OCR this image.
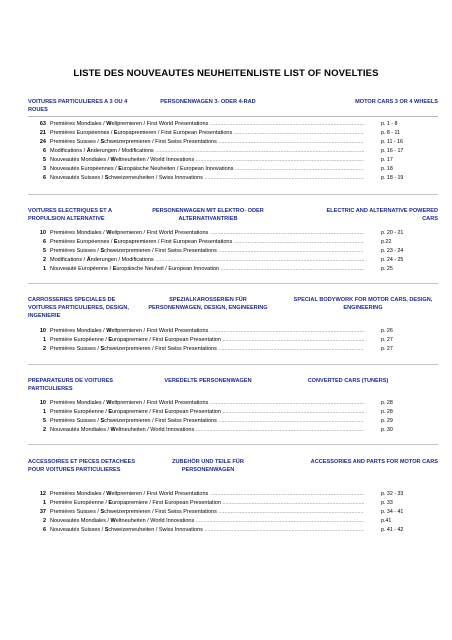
LISTE DES NOUVEAUTES NEUHEITENLISTE LIST OF NOVELTIES
VOITURES PARTICULIERES A 3 OU 4 ROUES
PERSONENWAGEN 3- ODER 4-RAD	MOTOR CARS 3 OR 4 WHEELS
63 Premières Mondiales / Weltpremieren / First World Presentations .....	p. 1 - 8
21 Premières Européennes / Europapremieren / First European Presentations .....	p. 8 - 11
24 Premières Suisses / Schweizerpremieren / First Swiss Presentations .....	p. 11 - 16
6 Modifications / Änderungen / Modifications .....	p. 16 - 17
5 Nouveautés Mondiales / Weltneuheiten / World Innovations .....	p. 17
3 Nouveautés Européennes / Europäische Neuheiten / European Innovations .....	p. 18
6 Nouveautés Suisses / Schweizerneuheiten / Swiss Innovations .....	p. 18 - 19
VOITURES ELECTRIQUES ET A PROPULSION ALTERNATIVE
PERSONENWAGEN MIT ELEKTRO- ODER ALTERNATIVANTRIEB
ELECTRIC AND ALTERNATIVE POWERED CARS
10 Premières Mondiales / Weltpremieren / First World Presentations .....	p. 20 - 21
6 Premières Européennes / Europapremieren / First European Presentations .....	p.22
5 Premières Suisses / Schweizerpremieren / First Swiss Presentations .....	p. 23 - 24
2 Modifications / Änderungen / Modifications .....	p. 24 - 25
1 Nouveauté Européenne / Europäische Neuheit / European Innovation .....	p. 25
CARROSSERIES SPECIALES DE VOITURES PARTICULIERES, DESIGN, INGENIERIE
SPEZIALKAROSSERIEN FÜR PERSONENWAGEN, DESIGN, ENGINEERING
SPECIAL BODYWORK FOR MOTOR CARS, DESIGN, ENGINEERING
10 Premières Mondiales / Weltpremieren / First World Presentations .....	p. 26
1 Première Européenne / Europapremiere / First European Presentation .....	p. 27
2 Premières Suisses / Schweizerpremieren / First Swiss Presentations .....	p. 27
PREPARATEURS DE VOITURES PARTICULIERES
VEREDELTE PERSONENWAGEN	CONVERTED CARS (TUNERS)
10 Premières Mondiales / Weltpremieren / First World Presentations .....	p. 28
1 Première Européenne / Europapremiere / First European Presentation .....	p. 28
5 Premières Suisses / Schweizerpremieren / First Swiss Presentations .....	p. 29
2 Nouveautés Mondiales / Weltneuheiten / World Innovations .....	p. 30
ACCESSOIRES ET PIECES DETACHEES POUR VOITURES PARTICULIERES
ZUBEHÖR UND TEILE FÜR PERSONENWAGEN
ACCESSORIES AND PARTS FOR MOTOR CARS
12 Premières Mondiales / Weltpremieren / First World Presentations .....	p. 32 - 33
1 Première Européenne / Europapremiere / First European Presentation .....	p. 33
37 Premières Suisses / Schweizerpremieren / First Swiss Presentations .....	p. 34 - 41
2 Nouveautés Mondiales / Weltneuheiten / World Innovations .....	p.41
6 Nouveautés Suisses / Schweizerneuheiten / Swiss Innovations .....	p. 41 - 42
